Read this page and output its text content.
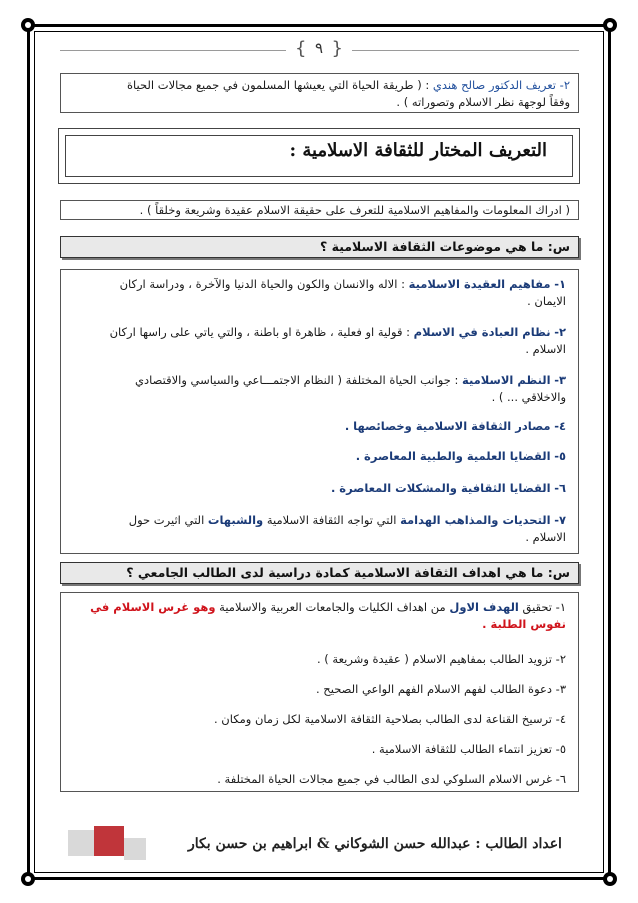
{ ٩ }
٢- تعريف الدكتور صالح هندي : ( طريقة الحياة التي يعيشها المسلمون في جميع مجالات الحياة
وفقاً لوجهة نظر الاسلام وتصوراته ) .
التعريف المختار للثقافة الاسلامية :
( ادراك المعلومات والمفاهيم الاسلامية للتعرف على حقيقة الاسلام عقيدة وشريعة وخلقاً ) .
س: ما هي موضوعات الثقافة الاسلامية ؟
١- مفاهيم العقيدة الاسلامية : الاله والانسان والكون والحياة الدنيا والآخرة ، ودراسة اركان
الايمان .
٢- نظام العبادة في الاسلام : قولية او فعلية ، ظاهرة او باطنة ، والتي ياتي على راسها اركان
الاسلام .
٣- النظم الاسلامية : جوانب الحياة المختلفة ( النظام الاجتمـــاعي والسياسي والاقتصادي
والاخلاقي ... ) .
٤- مصادر الثقافة الاسلامية وخصائصها .
٥- القضايا العلمية والطبية المعاصرة .
٦- القضايا الثقافية والمشكلات المعاصرة .
٧- التحديات والمذاهب الهدامة التي تواجه الثقافة الاسلامية والشبهات التي اثيرت حول
الاسلام .
س: ما هي اهداف الثقافة الاسلامية كمادة دراسية لدى الطالب الجامعي ؟
١- تحقيق الهدف الاول من اهداف الكليات والجامعات العربية والاسلامية وهو غرس الاسلام في
نفوس الطلبة .
٢- تزويد الطالب بمفاهيم الاسلام ( عقيدة وشريعة ) .
٣- دعوة الطالب لفهم الاسلام الفهم الواعي الصحيح .
٤- ترسيخ القناعة لدى الطالب بصلاحية الثقافة الاسلامية لكل زمان ومكان .
٥- تعزيز انتماء الطالب للثقافة الاسلامية .
٦- غرس الاسلام السلوكي لدى الطالب في جميع مجالات الحياة المختلفة .
اعداد الطالب : عبدالله حسن الشوكاني & ابراهيم بن حسن بكار
